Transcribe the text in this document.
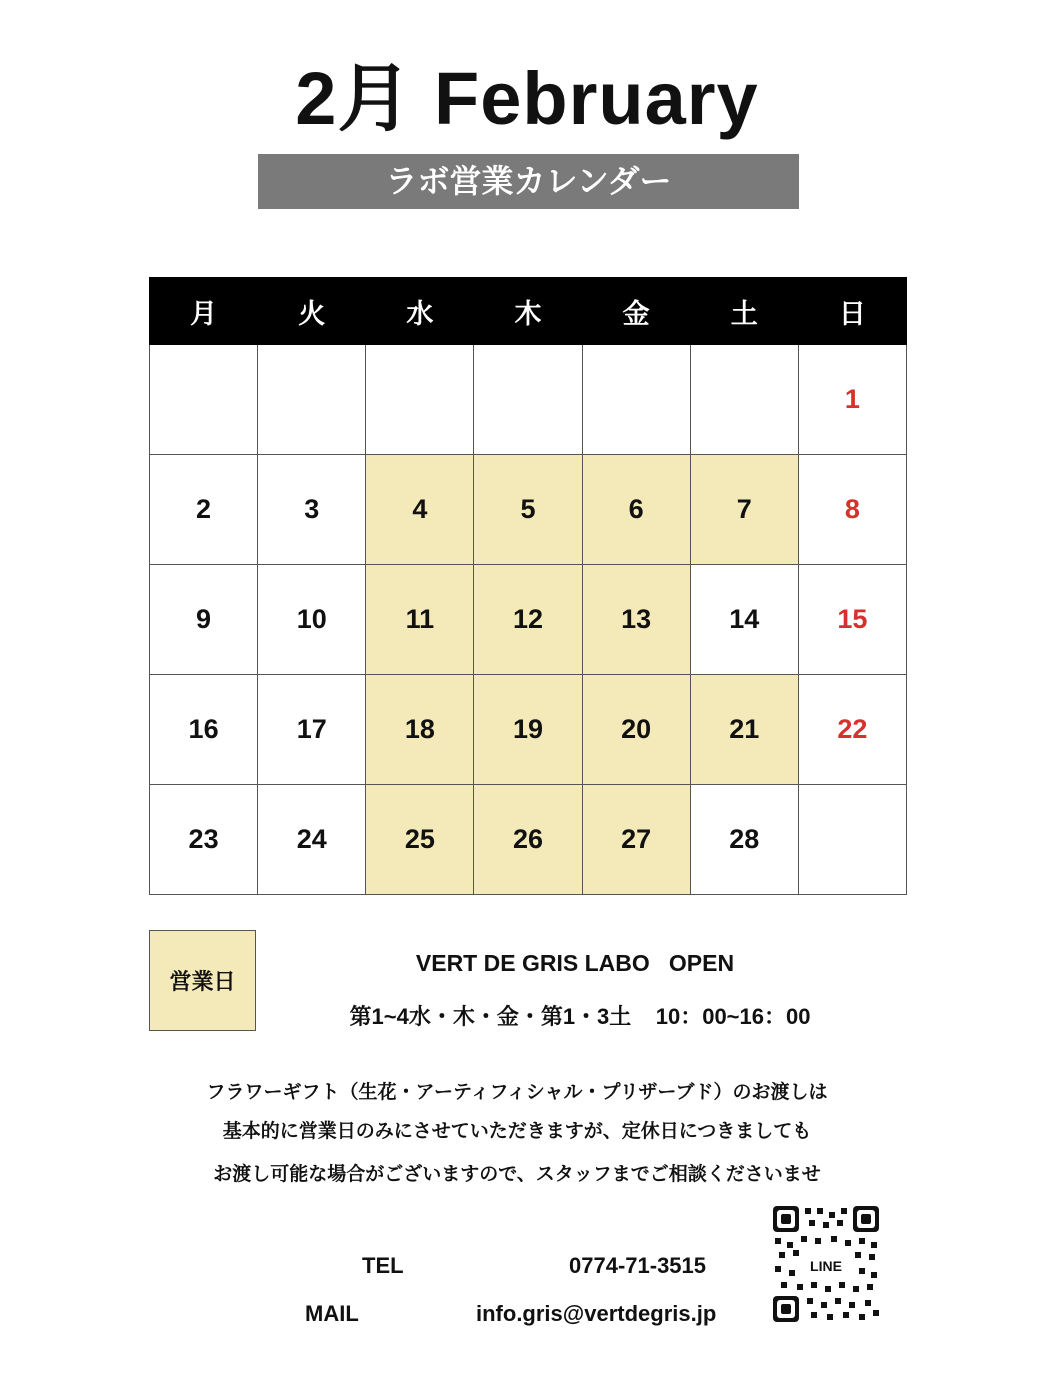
2月 February
ラボ営業カレンダー
月	火	水	木	金	土	日
						1
2	3	4	5	6	7	8
9	10	11	12	13	14	15
16	17	18	19	20	21	22
23	24	25	26	27	28	
営業日
VERT DE GRIS LABO   OPEN
第1~4水・木・金・第1・3土    10：00~16：00
フラワーギフト（生花・アーティフィシャル・プリザーブド）のお渡しは
基本的に営業日のみにさせていただきますが、定休日につきましても
お渡し可能な場合がございますので、スタッフまでご相談くださいませ
TEL	0774-71-3515
MAIL	info.gris@vertdegris.jp
LINE
